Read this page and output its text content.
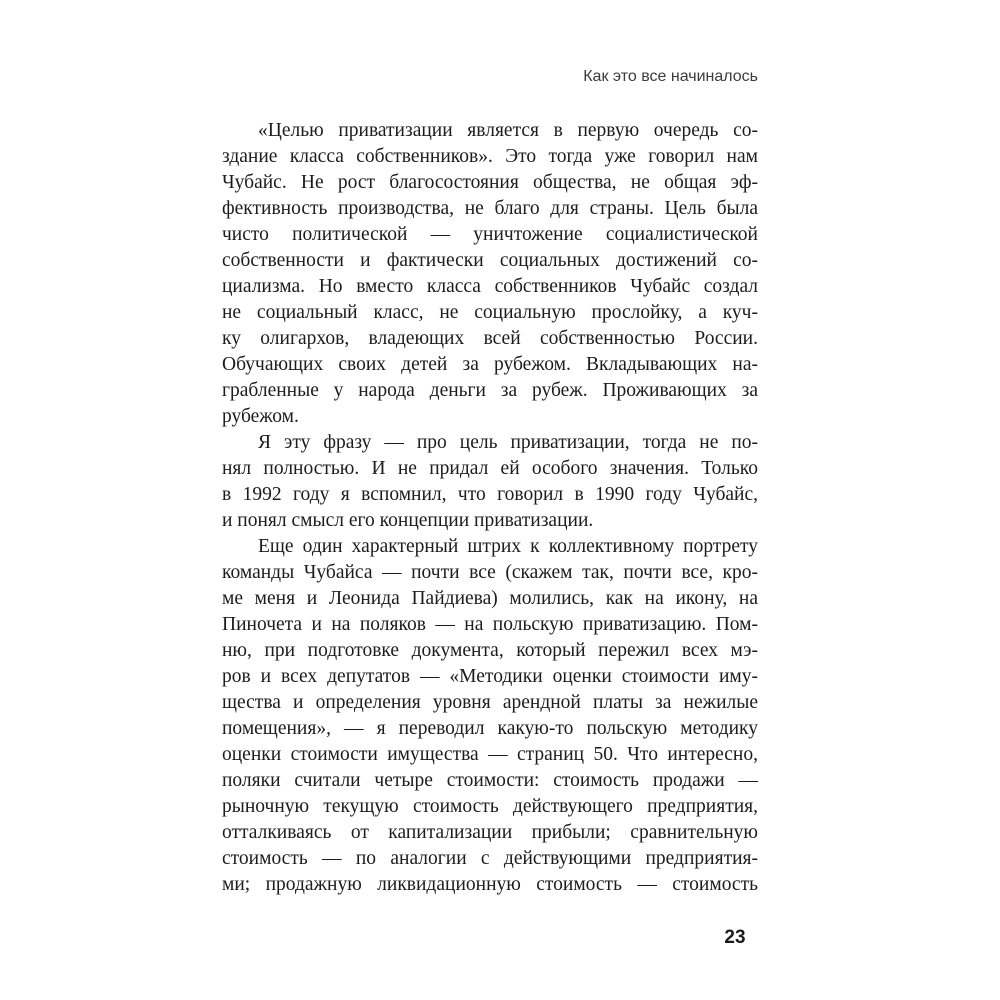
Как это все начиналось
«Целью приватизации является в первую очередь со-
здание класса собственников». Это тогда уже говорил нам
Чубайс. Не рост благосостояния общества, не общая эф-
фективность производства, не благо для страны. Цель была
чисто политической — уничтожение социалистической
собственности и фактически социальных достижений со-
циализма. Но вместо класса собственников Чубайс создал
не социальный класс, не социальную прослойку, а куч-
ку олигархов, владеющих всей собственностью России.
Обучающих своих детей за рубежом. Вкладывающих на-
грабленные у народа деньги за рубеж. Проживающих за
рубежом.
Я эту фразу — про цель приватизации, тогда не по-
нял полностью. И не придал ей особого значения. Только
в 1992 году я вспомнил, что говорил в 1990 году Чубайс,
и понял смысл его концепции приватизации.
Еще один характерный штрих к коллективному портрету
команды Чубайса — почти все (скажем так, почти все, кро-
ме меня и Леонида Пайдиева) молились, как на икону, на
Пиночета и на поляков — на польскую приватизацию. Пом-
ню, при подготовке документа, который пережил всех мэ-
ров и всех депутатов — «Методики оценки стоимости иму-
щества и определения уровня арендной платы за нежилые
помещения», — я переводил какую-то польскую методику
оценки стоимости имущества — страниц 50. Что интересно,
поляки считали четыре стоимости: стоимость продажи —
рыночную текущую стоимость действующего предприятия,
отталкиваясь от капитализации прибыли; сравнительную
стоимость — по аналогии с действующими предприятия-
ми; продажную ликвидационную стоимость — стоимость
23
